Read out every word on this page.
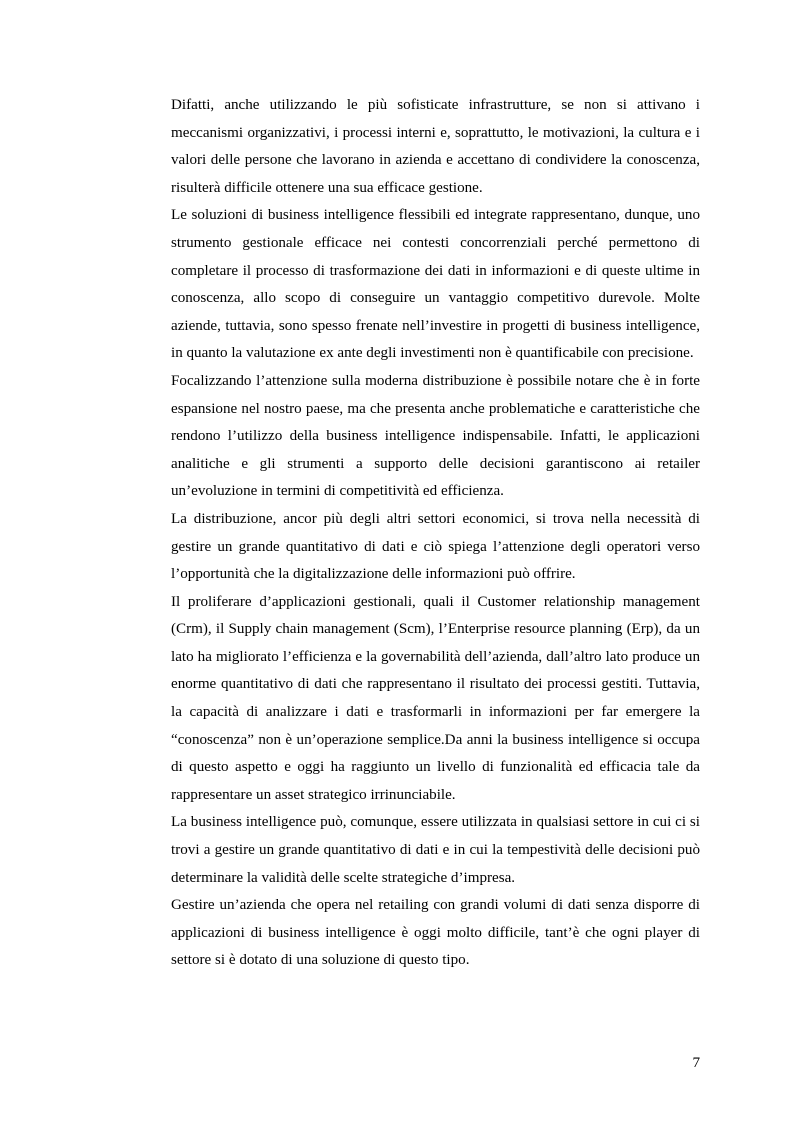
Difatti, anche utilizzando le più sofisticate infrastrutture, se non si attivano i meccanismi organizzativi, i processi interni e, soprattutto, le motivazioni, la cultura e i valori delle persone che lavorano in azienda e accettano di condividere la conoscenza, risulterà difficile ottenere una sua efficace gestione.

Le soluzioni di business intelligence flessibili ed integrate rappresentano, dunque, uno strumento gestionale efficace nei contesti concorrenziali perché permettono di completare il processo di trasformazione dei dati in informazioni e di queste ultime in conoscenza, allo scopo di conseguire un vantaggio competitivo durevole. Molte aziende, tuttavia, sono spesso frenate nell’investire in progetti di business intelligence, in quanto la valutazione ex ante degli investimenti non è quantificabile con precisione.

Focalizzando l’attenzione sulla moderna distribuzione è possibile notare che è in forte espansione nel nostro paese, ma che presenta anche problematiche e caratteristiche che rendono l’utilizzo della business intelligence indispensabile. Infatti, le applicazioni analitiche e gli strumenti a supporto delle decisioni garantiscono ai retailer un’evoluzione in termini di competitività ed efficienza.

La distribuzione, ancor più degli altri settori economici, si trova nella necessità di gestire un grande quantitativo di dati e ciò spiega l’attenzione degli operatori verso l’opportunità che la digitalizzazione delle informazioni può offrire.

Il proliferare d’applicazioni gestionali, quali il Customer relationship management (Crm), il Supply chain management (Scm), l’Enterprise resource planning (Erp), da un lato ha migliorato l’efficienza e la governabilità dell’azienda, dall’altro lato produce un enorme quantitativo di dati che rappresentano il risultato dei processi gestiti. Tuttavia, la capacità di analizzare i dati e trasformarli in informazioni per far emergere la “conoscenza” non è un’operazione semplice.Da anni la business intelligence si occupa di questo aspetto e oggi ha raggiunto un livello di funzionalità ed efficacia tale da rappresentare un asset strategico irrinunciabile.

La business intelligence può, comunque, essere utilizzata in qualsiasi settore in cui ci si trovi a gestire un grande quantitativo di dati e in cui la tempestività delle decisioni può determinare la validità delle scelte strategiche d’impresa.

Gestire un’azienda che opera nel retailing con grandi volumi di dati senza disporre di applicazioni di business intelligence è oggi molto difficile, tant’è che ogni player di settore si è dotato di una soluzione di questo tipo.

7
